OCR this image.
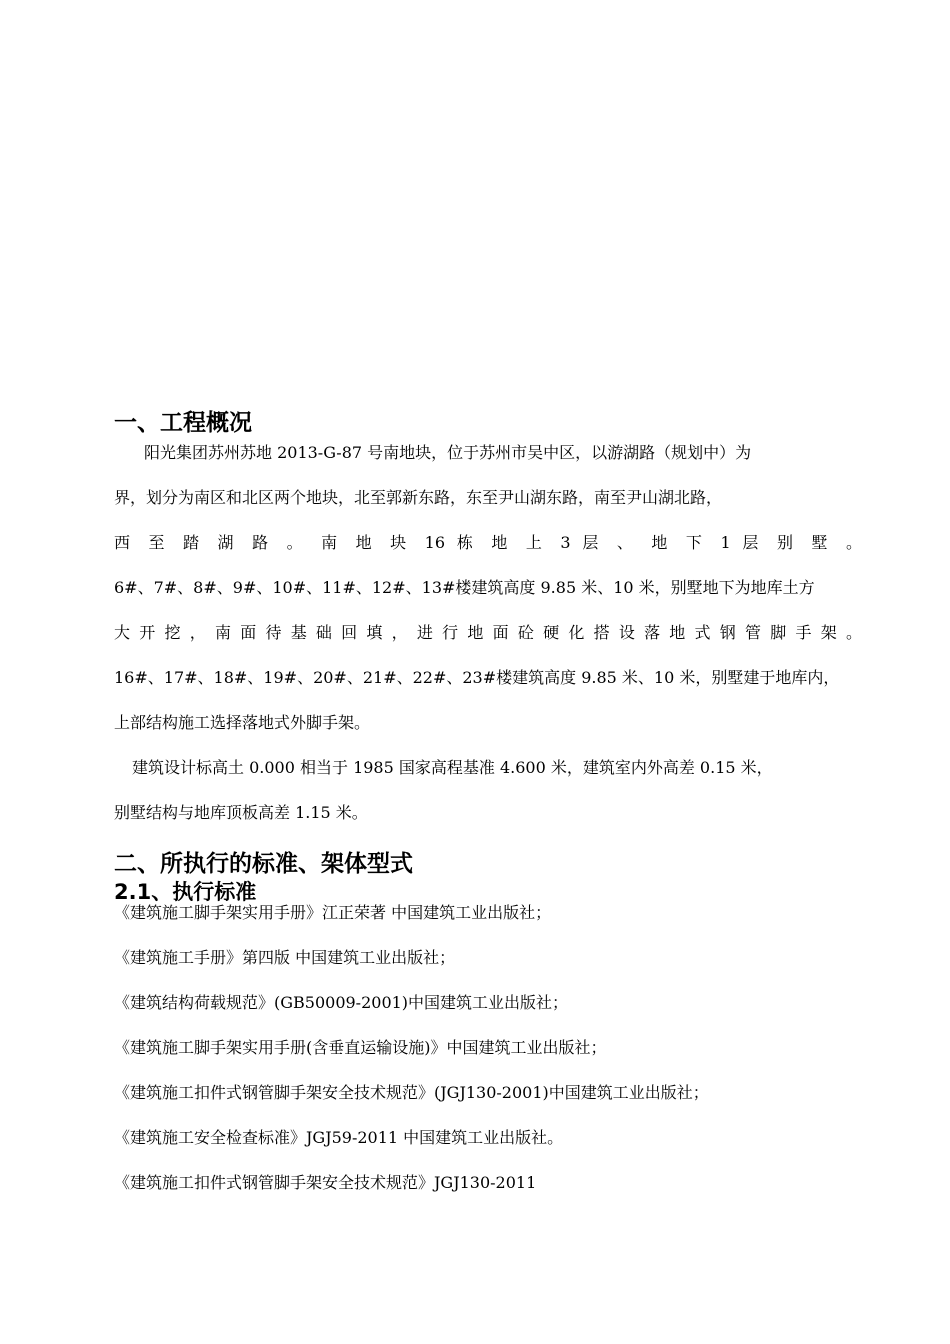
一、工程概况
阳光集团苏州苏地 2013-G-87 号南地块，位于苏州市吴中区，以游湖路（规划中）为
界，划分为南区和北区两个地块，北至郭新东路，东至尹山湖东路，南至尹山湖北路，
西 至 踏 湖 路 。 南 地 块 16 栋 地 上 3 层 、 地 下 1 层 别 墅 。
6#、7#、8#、9#、10#、11#、12#、13#楼建筑高度 9.85 米、10 米，别墅地下为地库土方
大 开 挖 ， 南 面 待 基 础 回 填 ， 进 行 地 面 砼 硬 化 搭 设 落 地 式 钢 管 脚 手 架 。
16#、17#、18#、19#、20#、21#、22#、23#楼建筑高度 9.85 米、10 米，别墅建于地库内，
上部结构施工选择落地式外脚手架。
建筑设计标高土 0.000 相当于 1985 国家高程基准 4.600 米，建筑室内外高差 0.15 米，
别墅结构与地库顶板高差 1.15 米。
二、所执行的标准、架体型式
2.1、执行标准
《建筑施工脚手架实用手册》江正荣著 中国建筑工业出版社；
《建筑施工手册》第四版 中国建筑工业出版社；
《建筑结构荷载规范》(GB50009-2001)中国建筑工业出版社；
《建筑施工脚手架实用手册(含垂直运输设施)》中国建筑工业出版社；
《建筑施工扣件式钢管脚手架安全技术规范》(JGJ130-2001)中国建筑工业出版社；
《建筑施工安全检查标准》JGJ59-2011 中国建筑工业出版社。
《建筑施工扣件式钢管脚手架安全技术规范》JGJ130-2011
